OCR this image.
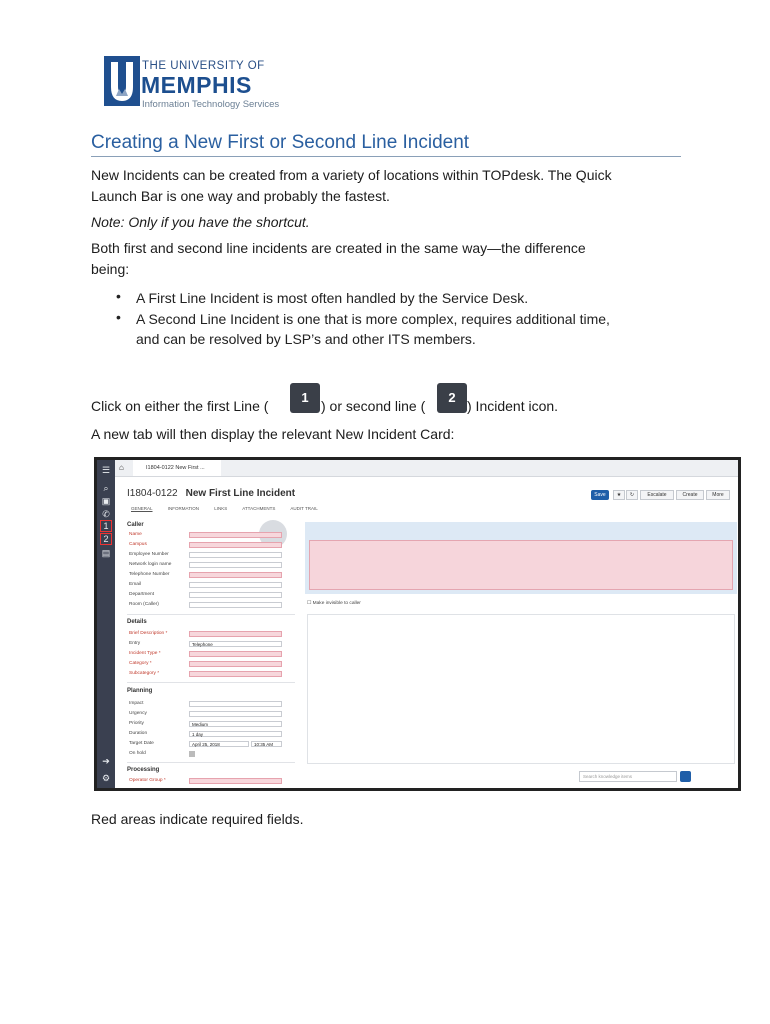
THE UNIVERSITY OF
MEMPHIS
Information Technology Services
Creating a New First or Second Line Incident
New Incidents can be created from a variety of locations within TOPdesk. The Quick
Launch Bar is one way and probably the fastest.
Note: Only if you have the shortcut.
Both first and second line incidents are created in the same way—the difference
being:
• A First Line Incident is most often handled by the Service Desk.
• A Second Line Incident is one that is more complex, requires additional time,
and can be resolved by LSP’s and other ITS members.
Click on either the first Line (
1
) or second line (
2
) Incident icon.
A new tab will then display the relevant New Incident Card:
☰
⌕
▣
✆
1
2
▤
➔
⚙
⌂	I1804-0122 New First ...
I1804-0122 New First Line Incident
GENERAL	INFORMATION	LINKS	ATTACHMENTS	AUDIT TRAIL
Save	★	↻	Escalate	Create	More
☐ Make invisible to caller
Caller
Name
Campus
Employee Number
Network login name
Telephone Number
Email
Department
Room (Caller)
Details
Brief Description *
Entry	Telephone
Incident Type *
Category *
Subcategory *
Planning
Impact
Urgency
Priority	Medium
Duration	1 day
Target Date	April 25, 2018	10:35 AM
On hold
Processing
Operator Group *
Search knowledge items
Red areas indicate required fields.
